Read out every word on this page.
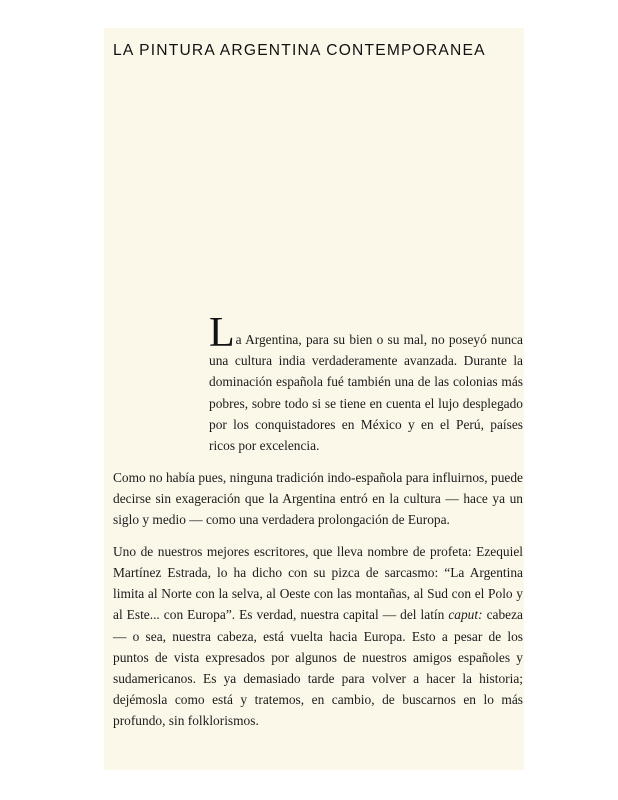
LA PINTURA ARGENTINA CONTEMPORANEA

La Argentina, para su bien o su mal, no poseyó nunca una cultura india verdaderamente avanzada. Durante la dominación española fué también una de las colonias más pobres, sobre todo si se tiene en cuenta el lujo desplegado por los conquistadores en México y en el Perú, países ricos por excelencia.

Como no había pues, ninguna tradición indo-española para influirnos, puede decirse sin exageración que la Argentina entró en la cultura — hace ya un siglo y medio — como una verdadera prolongación de Europa.

Uno de nuestros mejores escritores, que lleva nombre de profeta: Ezequiel Martínez Estrada, lo ha dicho con su pizca de sarcasmo: “La Argentina limita al Norte con la selva, al Oeste con las montañas, al Sud con el Polo y al Este... con Europa”. Es verdad, nuestra capital — del latín caput: cabeza — o sea, nuestra cabeza, está vuelta hacia Europa. Esto a pesar de los puntos de vista expresados por algunos de nuestros amigos españoles y sudamericanos. Es ya demasiado tarde para volver a hacer la historia; dejémosla como está y tratemos, en cambio, de buscarnos en lo más profundo, sin folklorismos.
